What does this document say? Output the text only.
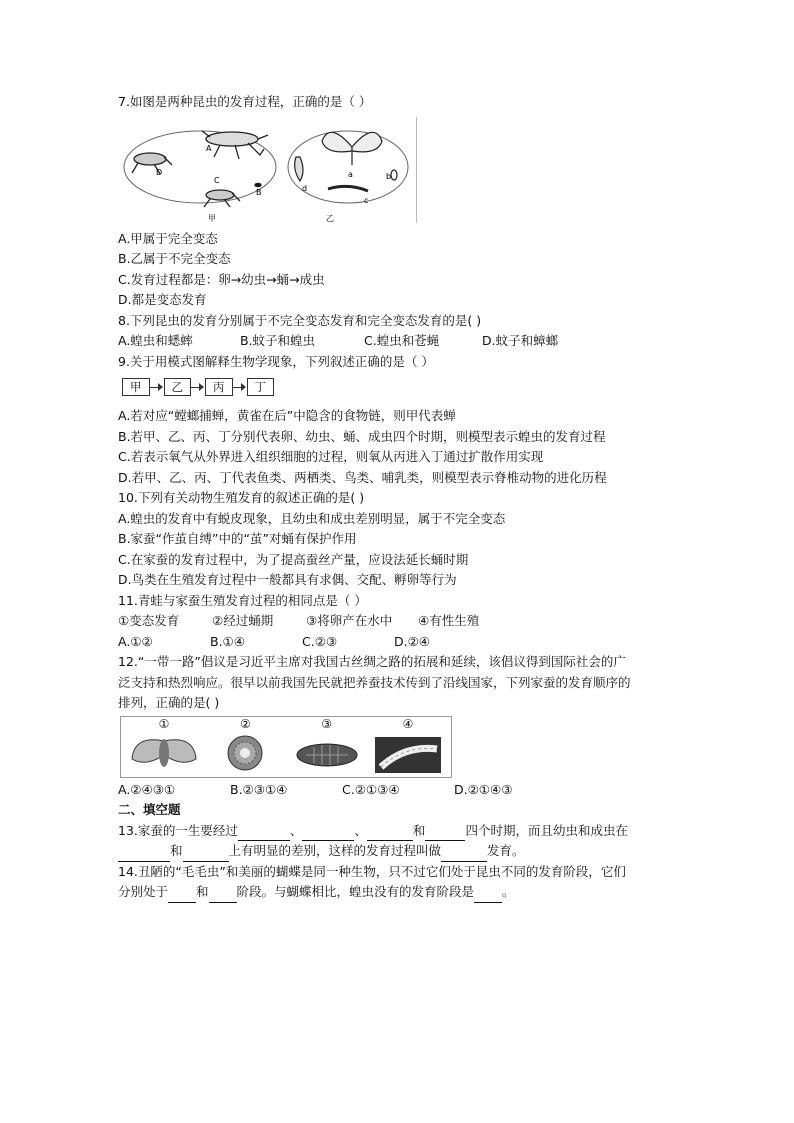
7.如图是两种昆虫的发育过程，正确的是（ ）
A
B
C
D
甲
a	b
c
d
乙
A.甲属于完全变态
B.乙属于不完全变态
C.发育过程都是：卵→幼虫→蛹→成虫
D.都是变态发育
8.下列昆虫的发育分别属于不完全变态发育和完全变态发育的是( )
A.蝗虫和蟋蟀	B.蚊子和蝗虫	C.蝗虫和苍蝇	D.蚊子和蟑螂
9.关于用模式图解释生物学现象，下列叙述正确的是（ ）
甲	乙	丙	丁
A.若对应“螳螂捕蝉，黄雀在后”中隐含的食物链，则甲代表蝉
B.若甲、乙、丙、丁分别代表卵、幼虫、蛹、成虫四个时期，则模型表示蝗虫的发育过程
C.若表示氧气从外界进入组织细胞的过程，则氧从丙进入丁通过扩散作用实现
D.若甲、乙、丙、丁代表鱼类、两栖类、鸟类、哺乳类，则模型表示脊椎动物的进化历程
10.下列有关动物生殖发育的叙述正确的是( )
A.蝗虫的发育中有蜕皮现象，且幼虫和成虫差别明显，属于不完全变态
B.家蚕“作茧自缚”中的“茧”对蛹有保护作用
C.在家蚕的发育过程中，为了提高蚕丝产量，应设法延长蛹时期
D.鸟类在生殖发育过程中一般都具有求偶、交配、孵卵等行为
11.青蛙与家蚕生殖发育过程的相同点是（ ）
①变态发育	②经过蛹期	③将卵产在水中 ④有性生殖
A.①②	B.①④	C.②③	D.②④
12.“一带一路”倡议是习近平主席对我国古丝绸之路的拓展和延续，该倡议得到国际社会的广
泛支持和热烈响应。很早以前我国先民就把养蚕技术传到了沿线国家，下列家蚕的发育顺序的
排列，正确的是( )
①	②	③	④
A.②④③①	B.②③①④	C.②①③④	D.②①④③
二、填空题
13.家蚕的一生要经过	、	、	和	四个时期，而且幼虫和成虫在
和	上有明显的差别，这样的发育过程叫做	发育。
14.丑陋的“毛毛虫”和美丽的蝴蝶是同一种生物，只不过它们处于昆虫不同的发育阶段，它们
分别处于 和 阶段。与蝴蝶相比，蝗虫没有的发育阶段是 。
